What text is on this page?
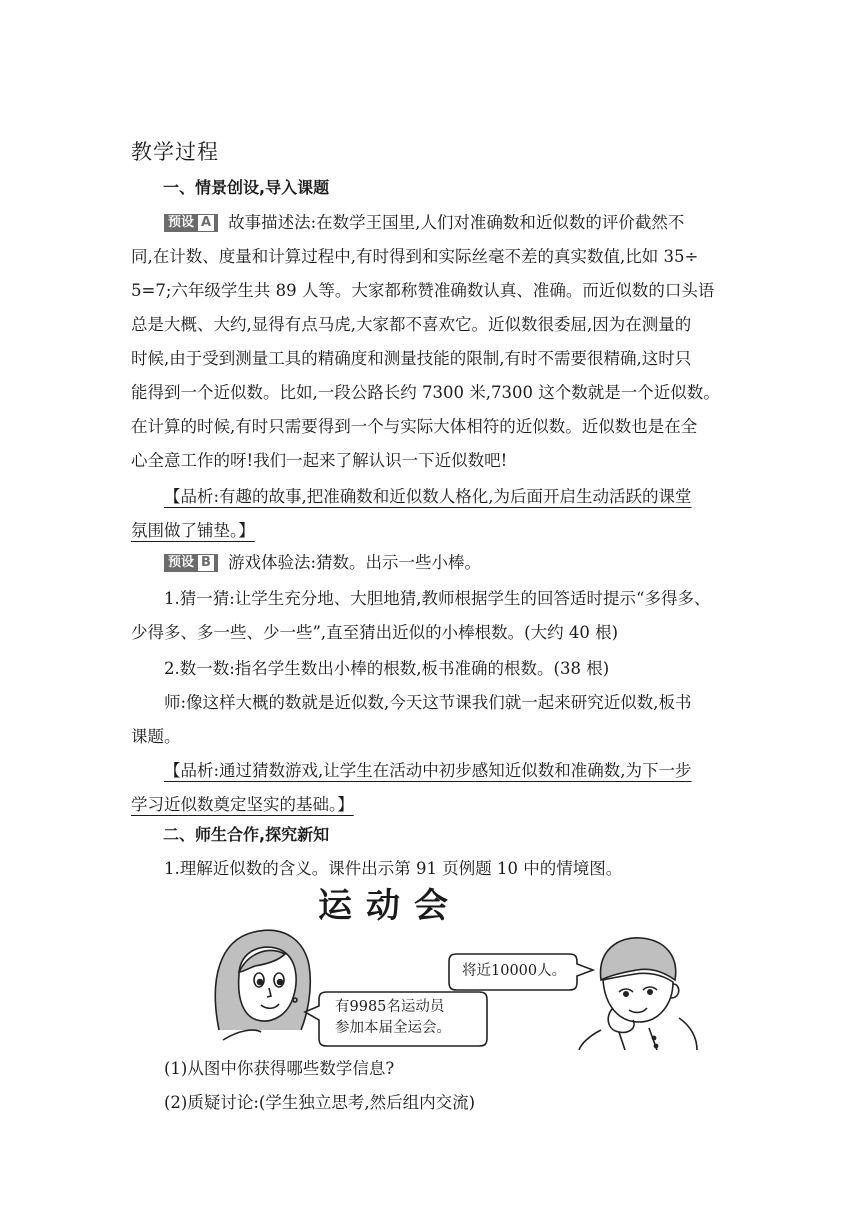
教学过程
一、情景创设,导入课题
预设 A 故事描述法:在数学王国里,人们对准确数和近似数的评价截然不
同,在计数、度量和计算过程中,有时得到和实际丝毫不差的真实数值,比如 35÷
5=7;六年级学生共 89 人等。大家都称赞准确数认真、准确。而近似数的口头语
总是大概、大约,显得有点马虎,大家都不喜欢它。近似数很委屈,因为在测量的
时候,由于受到测量工具的精确度和测量技能的限制,有时不需要很精确,这时只
能得到一个近似数。比如,一段公路长约 7300 米,7300 这个数就是一个近似数。
在计算的时候,有时只需要得到一个与实际大体相符的近似数。近似数也是在全
心全意工作的呀!我们一起来了解认识一下近似数吧!
【品析:有趣的故事,把准确数和近似数人格化,为后面开启生动活跃的课堂
氛围做了铺垫。】
预设 B 游戏体验法:猜数。出示一些小棒。
1.猜一猜:让学生充分地、大胆地猜,教师根据学生的回答适时提示“多得多、
少得多、多一些、少一些”,直至猜出近似的小棒根数。(大约 40 根)
2.数一数:指名学生数出小棒的根数,板书准确的根数。(38 根)
师:像这样大概的数就是近似数,今天这节课我们就一起来研究近似数,板书
课题。
【品析:通过猜数游戏,让学生在活动中初步感知近似数和准确数,为下一步
学习近似数奠定坚实的基础。】
二、师生合作,探究新知
1.理解近似数的含义。课件出示第 91 页例题 10 中的情境图。
运动会
有9985名运动员
参加本届全运会。
将近10000人。
(1)从图中你获得哪些数学信息?
(2)质疑讨论:(学生独立思考,然后组内交流)
